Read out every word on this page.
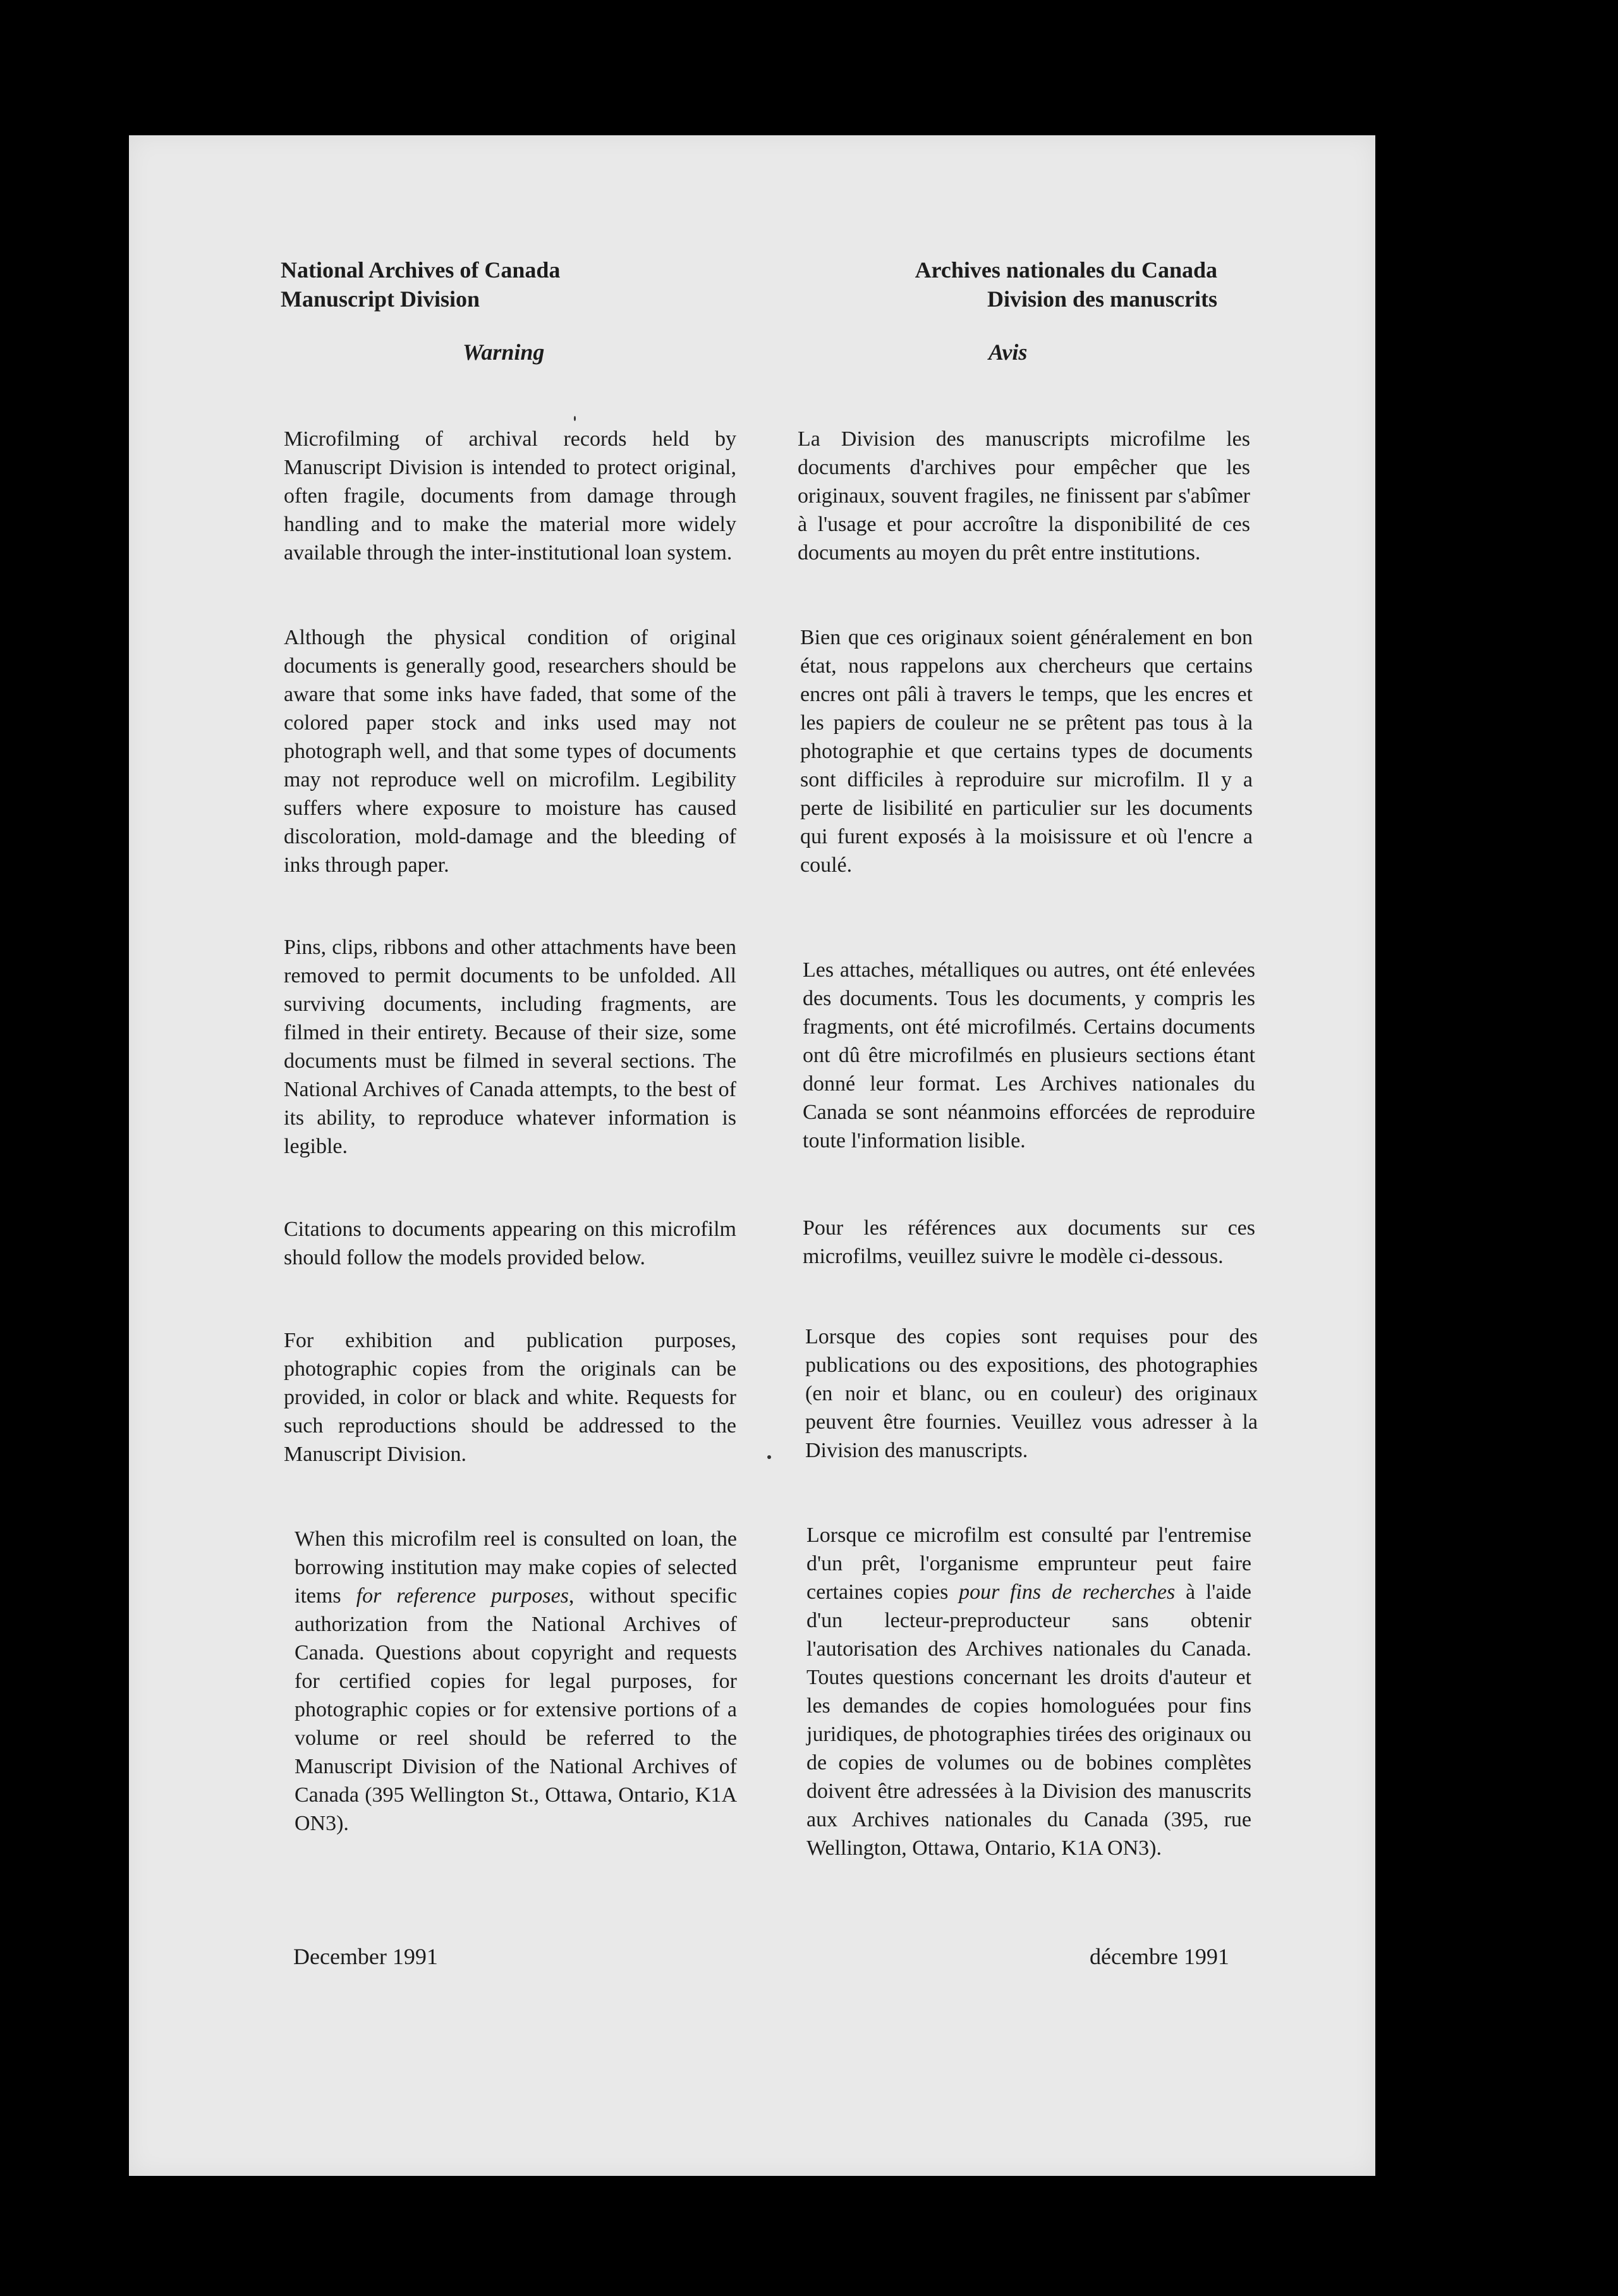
National Archives of Canada
Manuscript Division
Archives nationales du Canada
Division des manuscrits

Warning	Avis

Microfilming of archival records held by Manuscript Division is intended to protect original, often fragile, documents from damage through handling and to make the material more widely available through the inter-institutional loan system.

Although the physical condition of original documents is generally good, researchers should be aware that some inks have faded, that some of the colored paper stock and inks used may not photograph well, and that some types of documents may not reproduce well on microfilm. Legibility suffers where exposure to moisture has caused discoloration, mold-damage and the bleeding of inks through paper.

Pins, clips, ribbons and other attachments have been removed to permit documents to be unfolded. All surviving documents, including fragments, are filmed in their entirety. Because of their size, some documents must be filmed in several sections. The National Archives of Canada attempts, to the best of its ability, to reproduce whatever information is legible.

Citations to documents appearing on this microfilm should follow the models provided below.

For exhibition and publication purposes, photographic copies from the originals can be provided, in color or black and white. Requests for such reproductions should be addressed to the Manuscript Division.

When this microfilm reel is consulted on loan, the borrowing institution may make copies of selected items for reference purposes, without specific authorization from the National Archives of Canada. Questions about copyright and requests for certified copies for legal purposes, for photographic copies or for extensive portions of a volume or reel should be referred to the Manuscript Division of the National Archives of Canada (395 Wellington St., Ottawa, Ontario, K1A ON3).

La Division des manuscripts microfilme les documents d'archives pour empêcher que les originaux, souvent fragiles, ne finissent par s'abîmer à l'usage et pour accroître la disponibilité de ces documents au moyen du prêt entre institutions.

Bien que ces originaux soient généralement en bon état, nous rappelons aux chercheurs que certains encres ont pâli à travers le temps, que les encres et les papiers de couleur ne se prêtent pas tous à la photographie et que certains types de documents sont difficiles à reproduire sur microfilm. Il y a perte de lisibilité en particulier sur les documents qui furent exposés à la moisissure et où l'encre a coulé.

Les attaches, métalliques ou autres, ont été enlevées des documents. Tous les documents, y compris les fragments, ont été microfilmés. Certains documents ont dû être microfilmés en plusieurs sections étant donné leur format. Les Archives nationales du Canada se sont néanmoins efforcées de reproduire toute l'information lisible.

Pour les références aux documents sur ces microfilms, veuillez suivre le modèle ci-dessous.

Lorsque des copies sont requises pour des publications ou des expositions, des photographies (en noir et blanc, ou en couleur) des originaux peuvent être fournies. Veuillez vous adresser à la Division des manuscripts.

Lorsque ce microfilm est consulté par l'entremise d'un prêt, l'organisme emprunteur peut faire certaines copies pour fins de recherches à l'aide d'un lecteur-preproducteur sans obtenir l'autorisation des Archives nationales du Canada. Toutes questions concernant les droits d'auteur et les demandes de copies homologuées pour fins juridiques, de photographies tirées des originaux ou de copies de volumes ou de bobines complètes doivent être adressées à la Division des manuscrits aux Archives nationales du Canada (395, rue Wellington, Ottawa, Ontario, K1A ON3).

December 1991	décembre 1991
